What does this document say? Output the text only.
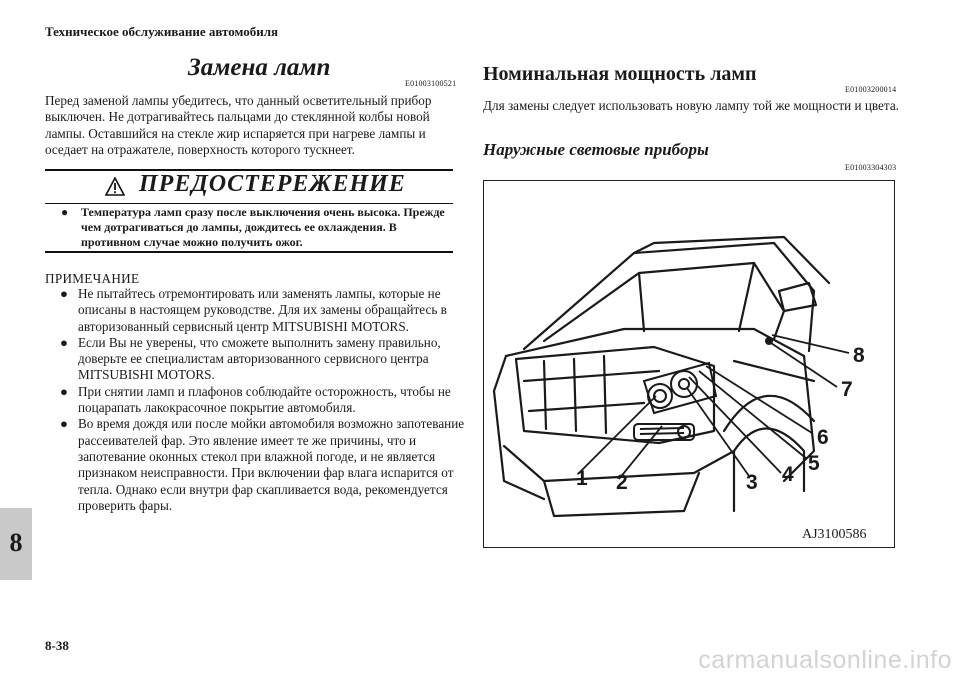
Техническое обслуживание автомобиля
Замена ламп
E01003100521
Перед заменой лампы убедитесь, что данный осветительный прибор выключен. Не дотрагивайтесь пальцами до стеклянной колбы новой лампы. Оставшийся на стекле жир испаряется при нагреве лампы и оседает на отражателе, поверхность которого тускнеет.
ПРЕДОСТЕРЕЖЕНИЕ
● Температура ламп сразу после выключения очень высока. Прежде чем дотрагиваться до лампы, дождитесь ее охлаждения. В противном случае можно получить ожог.
ПРИМЕЧАНИЕ
● Не пытайтесь отремонтировать или заменять лампы, которые не описаны в настоящем руководстве. Для их замены обращайтесь в авторизованный сервисный центр MITSUBISHI MOTORS.
● Если Вы не уверены, что сможете выполнить замену правильно, доверьте ее специалистам авторизованного сервисного центра MITSUBISHI MOTORS.
● При снятии ламп и плафонов соблюдайте осторожность, чтобы не поцарапать лакокрасочное покрытие автомобиля.
● Во время дождя или после мойки автомобиля возможно запотевание рассеивателей фар. Это явление имеет те же причины, что и запотевание оконных стекол при влажной погоде, и не является признаком неисправности. При включении фар влага испарится от тепла. Однако если внутри фар скапливается вода, рекомендуется проверить фары.
Номинальная мощность ламп
E01003200014
Для замены следует использовать новую лампу той же мощности и цвета.
Наружные световые приборы
E01003304303
1 2	3 4 5
6
7
8
AJ3100586
8
8-38
carmanualsonline.info
